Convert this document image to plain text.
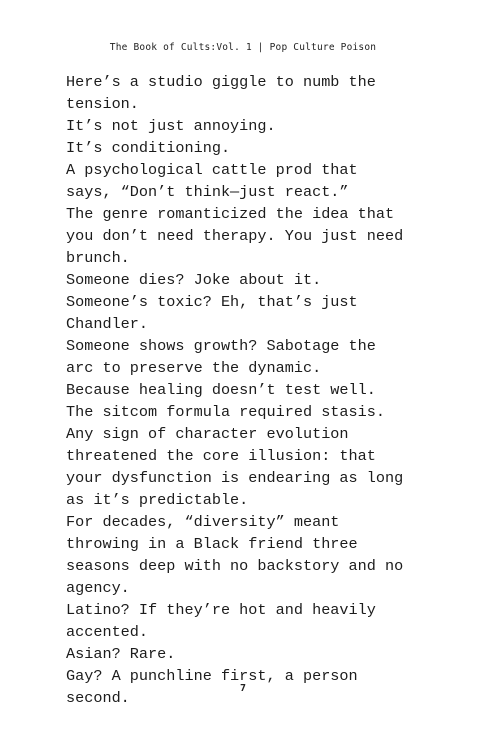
The Book of Cults:Vol. 1 | Pop Culture Poison

Here’s a studio giggle to numb the tension.

It’s not just annoying.

It’s conditioning.

A psychological cattle prod that says, “Don’t think—just react.”

The genre romanticized the idea that you don’t need therapy. You just need brunch.

Someone dies? Joke about it.

Someone’s toxic? Eh, that’s just Chandler.

Someone shows growth? Sabotage the arc to preserve the dynamic.

Because healing doesn’t test well.

The sitcom formula required stasis.

Any sign of character evolution threatened the core illusion: that your dysfunction is endearing as long as it’s predictable.

For decades, “diversity” meant throwing in a Black friend three seasons deep with no backstory and no agency.

Latino? If they’re hot and heavily accented.

Asian? Rare.

Gay? A punchline first, a person second.

7
